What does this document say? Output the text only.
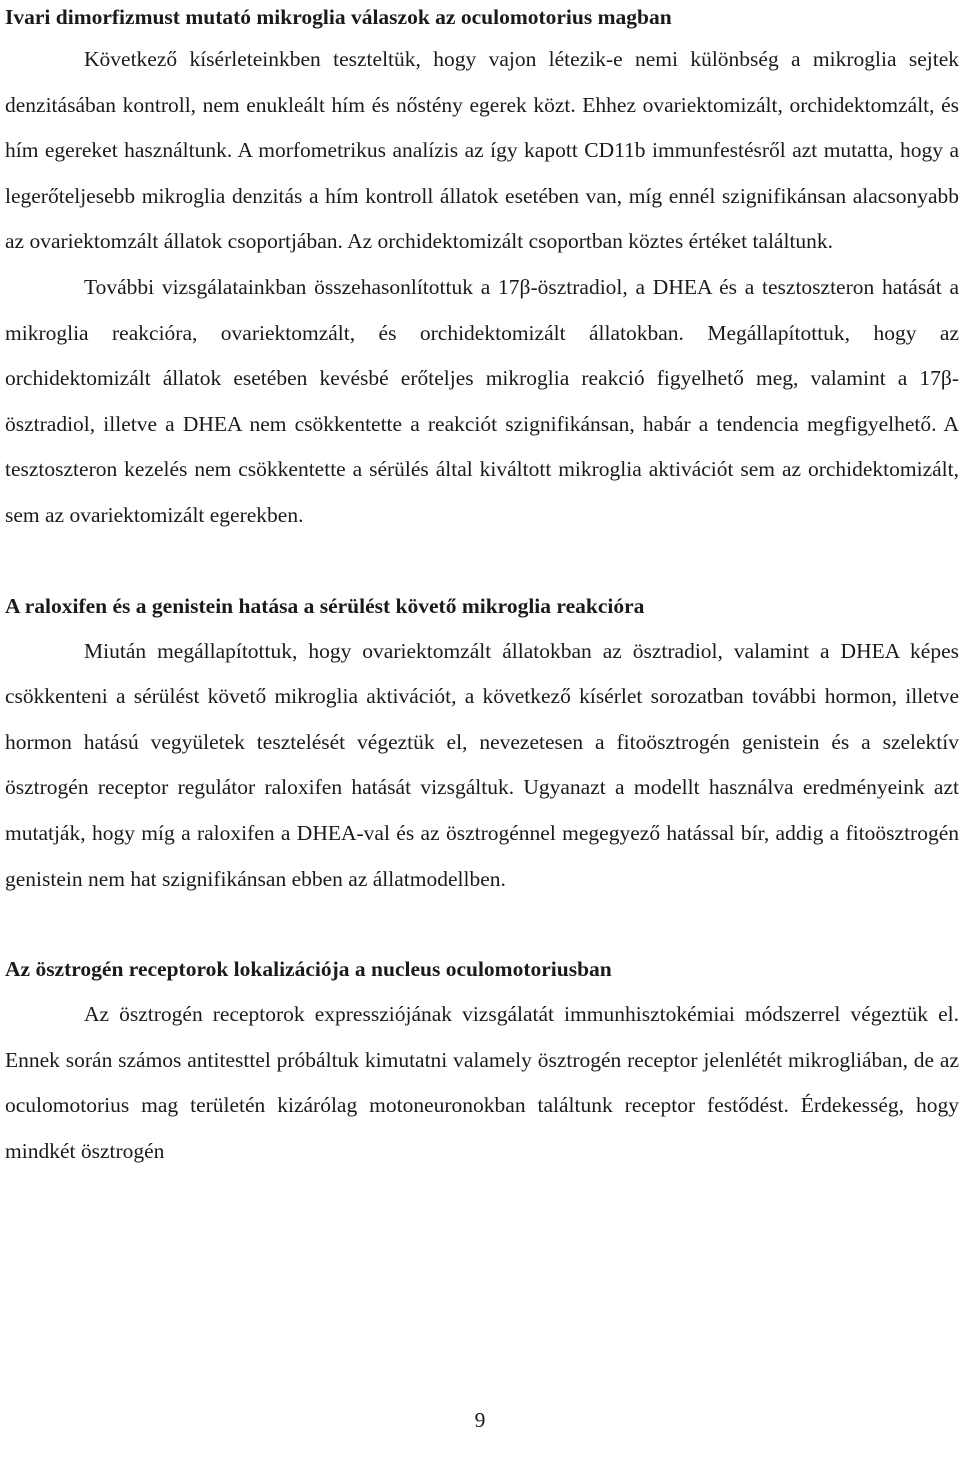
Ivari dimorfizmust mutató mikroglia válaszok az oculomotorius magban

Következő kísérleteinkben teszteltük, hogy vajon létezik-e nemi különbség a mikroglia sejtek denzitásában kontroll, nem enukleált hím és nőstény egerek közt. Ehhez ovariektomizált, orchidektomzált, és hím egereket használtunk. A morfometrikus analízis az így kapott CD11b immunfestésről azt mutatta, hogy a legerőteljesebb mikroglia denzitás a hím kontroll állatok esetében van, míg ennél szignifikánsan alacsonyabb az ovariektomzált állatok csoportjában. Az orchidektomizált csoportban köztes értéket találtunk.

További vizsgálatainkban összehasonlítottuk a 17β-ösztradiol, a DHEA és a tesztoszteron hatását a mikroglia reakcióra, ovariektomzált, és orchidektomizált állatokban. Megállapítottuk, hogy az orchidektomizált állatok esetében kevésbé erőteljes mikroglia reakció figyelhető meg, valamint a 17β-ösztradiol, illetve a DHEA nem csökkentette a reakciót szignifikánsan, habár a tendencia megfigyelhető. A tesztoszteron kezelés nem csökkentette a sérülés által kiváltott mikroglia aktivációt sem az orchidektomizált, sem az ovariektomizált egerekben.

A raloxifen és a genistein hatása a sérülést követő mikroglia reakcióra

Miután megállapítottuk, hogy ovariektomzált állatokban az ösztradiol, valamint a DHEA képes csökkenteni a sérülést követő mikroglia aktivációt, a következő kísérlet sorozatban további hormon, illetve hormon hatású vegyületek tesztelését végeztük el, nevezetesen a fitoösztrogén genistein és a szelektív ösztrogén receptor regulátor raloxifen hatását vizsgáltuk. Ugyanazt a modellt használva eredményeink azt mutatják, hogy míg a raloxifen a DHEA-val és az ösztrogénnel megegyező hatással bír, addig a fitoösztrogén genistein nem hat szignifikánsan ebben az állatmodellben.

Az ösztrogén receptorok lokalizációja a nucleus oculomotoriusban

Az ösztrogén receptorok expressziójának vizsgálatát immunhisztokémiai módszerrel végeztük el. Ennek során számos antitesttel próbáltuk kimutatni valamely ösztrogén receptor jelenlétét mikrogliában, de az oculomotorius mag területén kizárólag motoneuronokban találtunk receptor festődést. Érdekesség, hogy mindkét ösztrogén

9
